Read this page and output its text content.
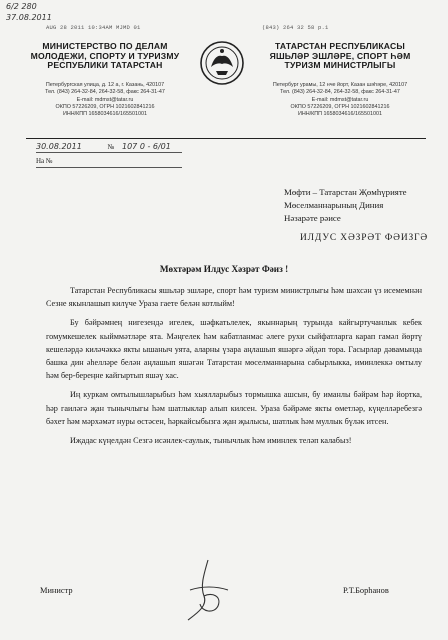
6/2 280
37.08.2011
AUG 28 2011 10:34AM MJMD 01	(843) 264 32 58 p.1
МИНИСТЕРСТВО ПО ДЕЛАМ
МОЛОДЕЖИ, СПОРТУ И ТУРИЗМУ
РЕСПУБЛИКИ ТАТАРСТАН
Петербургская улица, д. 12 а, г. Казань, 420107
Тел. (843) 264-32-84, 264-32-58, факс 264-31-47
E-mail: mdmst@tatar.ru
ОКПО 57226209, ОГРН 1021602841216
ИНН/КПП 1658034616/165501001
ТАТАРСТАН РЕСПУБЛИКАСЫ
ЯШЬЛӘР ЭШЛӘРЕ, СПОРТ ҺӘМ
ТУРИЗМ МИНИСТРЛЫГЫ
Петербург урамы, 12 нче йорт, Казан шәһәре, 420107
Тел. (843) 264-32-84, 264-32-58, факс 264-31-47
E-mail: mdmst@tatar.ru
ОКПО 57226209, ОГРН 1021602841216
ИНН/КПП 1658034616/165501001
30.08.2011	№ 107 0 - 6/01
На №
Мөфти – Татарстан Җөмһүрияте
Мөселманнарының Диния
Нәзарәте рәисе
ИЛДУС ХӘЗРӘТ ФӘИЗГӘ
Мөхтәрәм Илдус Хәзрәт Фәиз !

Татарстан Республикасы яшьләр эшләре, спорт һәм туризм министрлыгы һәм шәхсән үз исемемнән Сезне якынлашып килүче Ураза гаете белән котлыйм!

Бу бәйрәмнең нигезендә игелек, шәфкатьлелек, якыннарың турында кайгыртучанлык кебек гомумкешелек кыйммәтләре ята. Мәңгелек һәм кабатланмас әлеге рухи сыйфатларга карап гамәл йөртү кешеләрдә киләчәккә якты ышаныч уята, аларны үзара аңлашып яшәргә әйдәп тора. Гасырлар дәвамында башка дин әһелләре белән аңлашып яшәгән Татарстан мөселманнарына сабырлыкка, иминлеккә омтылу һәм бер-береңне кайгыртып яшәү хас.

Иң куркам омтылышларыбыз һәм хыялларыбыз тормышка ашсын, бу иманлы бәйрәм һәр йортка, һәр гаиләгә җан тынычлыгы һәм шатлыклар алып килсен. Ураза бәйрәме якты өметләр, күңелләребезгә бәхет һәм мәрхәмәт нуры өстәсен, һәркайсыбызга җан җылысы, шатлык һәм муллык бүләк итсен.

Иҗадас күңелдән Сезгә исәнлек-саулык, тынычлык һәм иминлек теләп калабыз!

Министр	Р.Т.Борһанов
